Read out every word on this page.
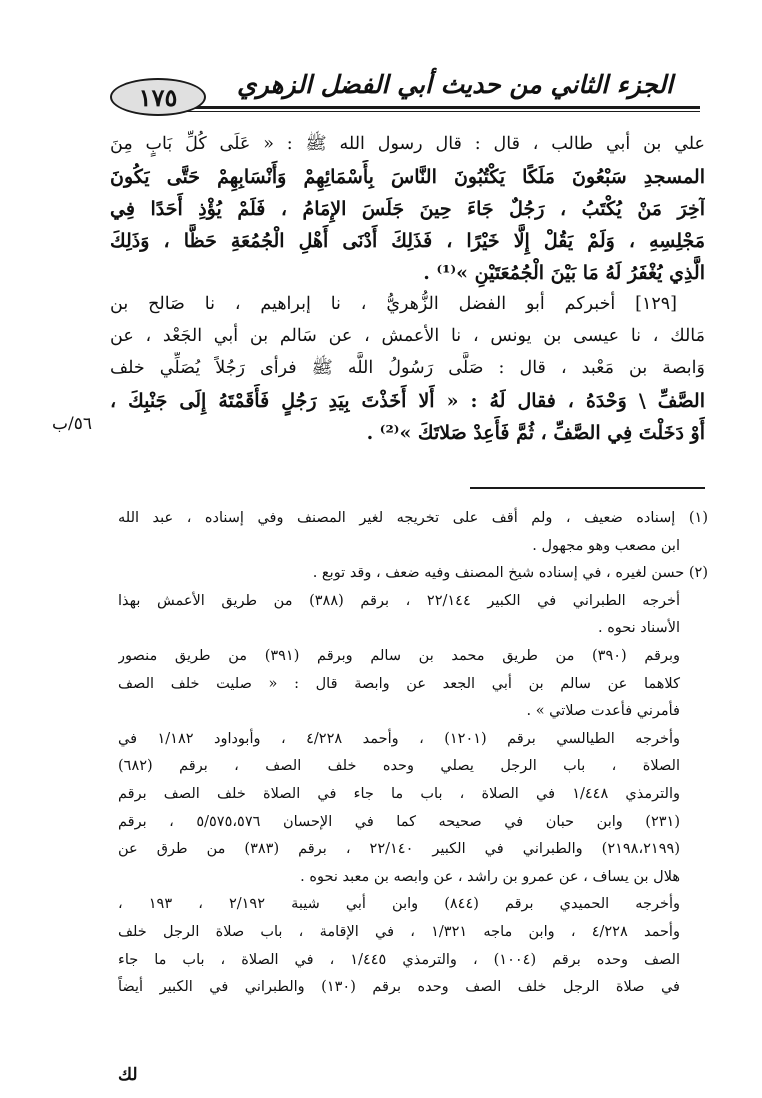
١٧٥	الجزء الثاني من حديث أبي الفضل الزهري
علي بن أبي طالب ، قال : قال رسول الله ﷺ : « عَلَى كُلِّ بَابٍ مِنَ
المسجدِ سَبْعُونَ مَلَكًا يَكْتُبُونَ النَّاسَ بِأَسْمَائِهِمْ وَأَنْسَابِهِمْ حَتَّى يَكُونَ
آخِرَ مَنْ يُكْتَبُ ، رَجُلٌ جَاءَ حِينَ جَلَسَ الإِمَامُ ، فَلَمْ يُؤْذِ أَحَدًا فِي
مَجْلِسِهِ ، وَلَمْ يَقُلْ إِلَّا خَيْرًا ، فَذَلِكَ أَدْنَى أَهْلِ الْجُمُعَةِ حَظًّا ، وَذَلِكَ
الَّذِي يُغْفَرُ لَهُ مَا بَيْنَ الْجُمُعَتَيْنِ »⁽¹⁾ .
[١٢٩] أخبركم أبو الفضل الزُّهريُّ ، نا إبراهيم ، نا صَالح بن
مَالك ، نا عيسى بن يونس ، نا الأعمش ، عن سَالم بن أبي الجَعْد ، عن
وَابصة بن مَعْبد ، قال : صَلَّى رَسُولُ اللَّه ﷺ فرأى رَجُلاً يُصَلِّي خلف
الصَّفِّ \ وَحْدَهُ ، فقال لَهُ : « أَلا أَخَذْتَ بِيَدِ رَجُلٍ فَأَقَمْتَهُ إِلَى جَنْبِكَ ،
أَوْ دَخَلْتَ فِي الصَّفِّ ، ثُمَّ فَأَعِدْ صَلاتَكَ »⁽²⁾ .
٥٦/ب
(١) إسناده ضعيف ، ولم أقف على تخريجه لغير المصنف وفي إسناده ، عبد الله
ابن مصعب وهو مجهول .
(٢) حسن لغيره ، في إسناده شيخ المصنف وفيه ضعف ، وقد توبع .
أخرجه الطبراني في الكبير ٢٢/١٤٤ ، برقم (٣٨٨) من طريق الأعمش بهذا
الأسناد نحوه .
وبرقم (٣٩٠) من طريق محمد بن سالم وبرقم (٣٩١) من طريق منصور
كلاهما عن سالم بن أبي الجعد عن وابصة قال : « صليت خلف الصف
فأمرني فأعدت صلاتي » .
وأخرجه الطيالسي برقم (١٢٠١) ، وأحمد ٤/٢٢٨ ، وأبوداود ١/١٨٢ في
الصلاة ، باب الرجل يصلي وحده خلف الصف ، برقم (٦٨٢)
والترمذي ١/٤٤٨ في الصلاة ، باب ما جاء في الصلاة خلف الصف برقم
(٢٣١) وابن حبان في صحيحه كما في الإحسان ٥/٥٧٥،٥٧٦ ، برقم
(٢١٩٨،٢١٩٩) والطبراني في الكبير ٢٢/١٤٠ ، برقم (٣٨٣) من طرق عن
هلال بن يساف ، عن عمرو بن راشد ، عن وابصه بن معبد نحوه .
وأخرجه الحميدي برقم (٨٤٤) وابن أبي شيبة ٢/١٩٢ ، ١٩٣ ،
وأحمد ٤/٢٢٨ ، وابن ماجه ١/٣٢١ ، في الإقامة ، باب صلاة الرجل خلف
الصف وحده برقم (١٠٠٤) ، والترمذي ١/٤٤٥ ، في الصلاة ، باب ما جاء
في صلاة الرجل خلف الصف وحده برقم (١٣٠) والطبراني في الكبير أيضاً
لك
